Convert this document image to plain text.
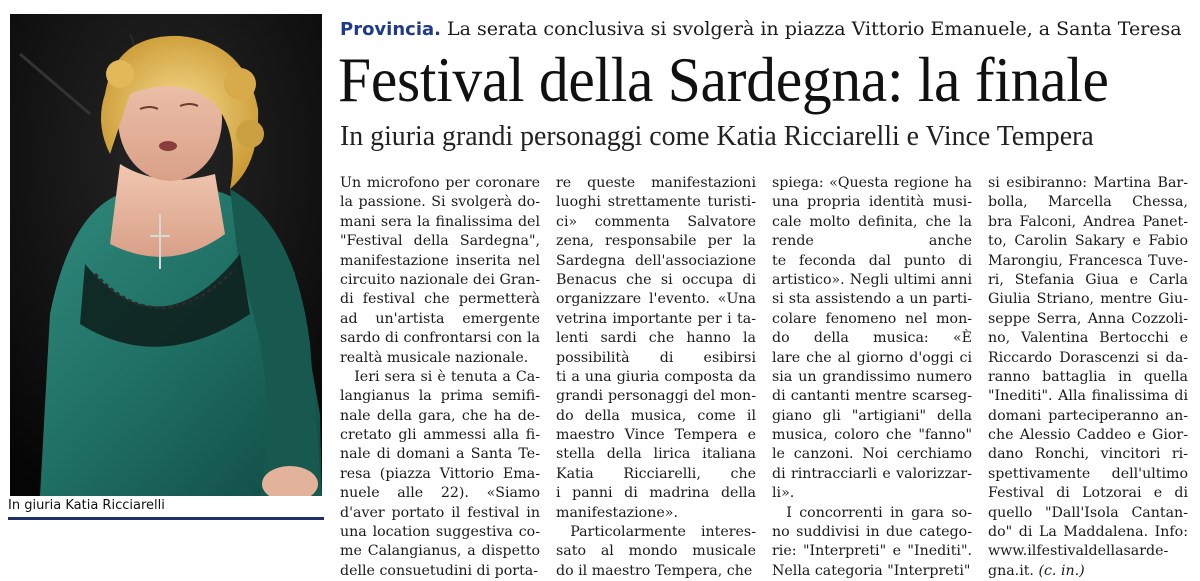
In giuria Katia Ricciarelli
Provincia. La serata conclusiva si svolgerà in piazza Vittorio Emanuele, a Santa Teresa
Festival della Sardegna: la finale
In giuria grandi personaggi come Katia Ricciarelli e Vince Tempera
Un microfono per coronare
la passione. Si svolgerà do-
mani sera la finalissima del
"Festival della Sardegna",
manifestazione inserita nel
circuito nazionale dei Gran-
di festival che permetterà
ad un'artista emergente
sardo di confrontarsi con la
realtà musicale nazionale.
 Ieri sera si è tenuta a Ca-
langianus la prima semifi-
nale della gara, che ha de-
cretato gli ammessi alla fi-
nale di domani a Santa Te-
resa (piazza Vittorio Ema-
nuele alle 22). «Siamo
d'aver portato il festival in
una location suggestiva co-
me Calangianus, a dispetto
delle consuetudini di porta-
re queste manifestazioni
luoghi strettamente turisti-
ci» commenta Salvatore
zena, responsabile per la
Sardegna dell'associazione
Benacus che si occupa di
organizzare l'evento. «Una
vetrina importante per i ta-
lenti sardi che hanno la
possibilità di esibirsi
ti a una giuria composta da
grandi personaggi del mon-
do della musica, come il
maestro Vince Tempera e
stella della lirica italiana
Katia Ricciarelli, che
i panni di madrina della
manifestazione».
 Particolarmente interes-
sato al mondo musicale
do il maestro Tempera, che
spiega: «Questa regione ha
una propria identità musi-
cale molto definita, che la
rende anche
te feconda dal punto di
artistico». Negli ultimi anni
si sta assistendo a un parti-
colare fenomeno nel mon-
do della musica: «È
lare che al giorno d'oggi ci
sia un grandissimo numero
di cantanti mentre scarseg-
giano gli "artigiani" della
musica, coloro che "fanno"
le canzoni. Noi cerchiamo
di rintracciarli e valorizzar-
li».
 I concorrenti in gara so-
no suddivisi in due catego-
rie: "Interpreti" e "Inediti".
Nella categoria "Interpreti"
si esibiranno: Martina Bar-
bolla, Marcella Chessa,
bra Falconi, Andrea Panet-
to, Carolin Sakary e Fabio
Marongiu, Francesca Tuve-
ri, Stefania Giua e Carla
Giulia Striano, mentre Giu-
seppe Serra, Anna Cozzoli-
no, Valentina Bertocchi e
Riccardo Dorascenzi si da-
ranno battaglia in quella
"Inediti". Alla finalissima di
domani parteciperanno an-
che Alessio Caddeo e Gior-
dano Ronchi, vincitori ri-
spettivamente dell'ultimo
Festival di Lotzorai e di
quello "Dall'Isola Cantan-
do" di La Maddalena. Info:
www.ilfestivaldellasarde-
gna.it. (c. in.)
